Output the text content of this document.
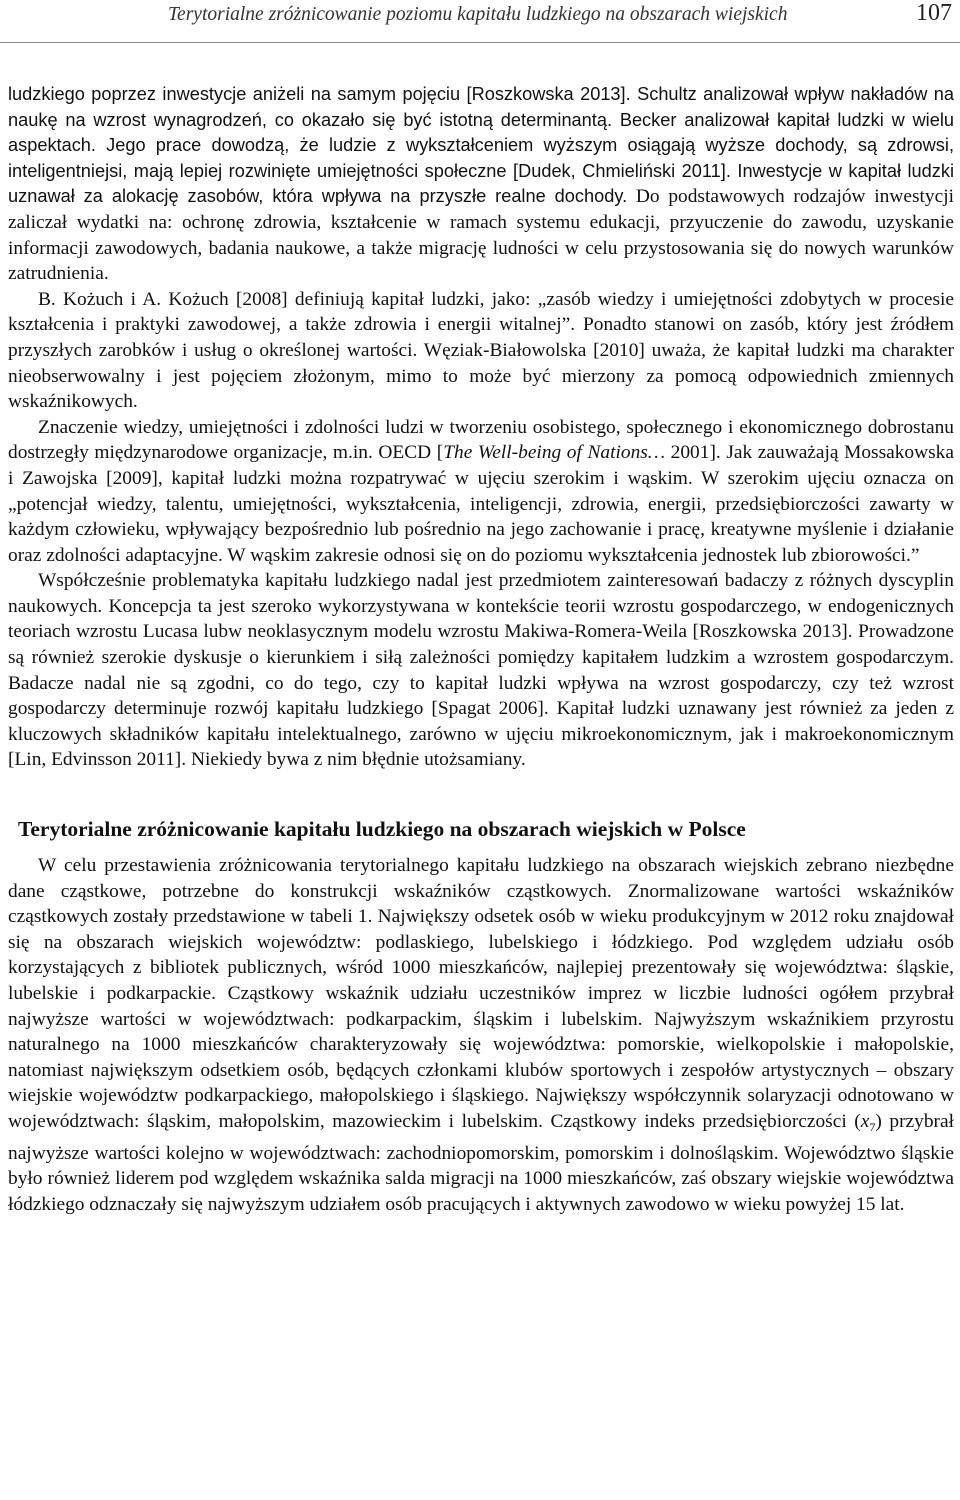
Terytorialne zróżnicowanie poziomu kapitału ludzkiego na obszarach wiejskich	107

ludzkiego poprzez inwestycje aniżeli na samym pojęciu [Roszkowska 2013]. Schultz analizował wpływ nakładów na naukę na wzrost wynagrodzeń, co okazało się być istotną determinantą. Becker analizował kapitał ludzki w wielu aspektach. Jego prace dowodzą, że ludzie z wykształceniem wyższym osiągają wyższe dochody, są zdrowsi, inteligentniejsi, mają lepiej rozwinięte umiejętności społeczne [Dudek, Chmieliński 2011]. Inwestycje w kapitał ludzki uznawał za alokację zasobów, która wpływa na przyszłe realne dochody. Do podstawowych rodzajów inwestycji zaliczał wydatki na: ochronę zdrowia, kształcenie w ramach systemu edukacji, przyuczenie do zawodu, uzyskanie informacji zawodowych, badania naukowe, a także migrację ludności w celu przystosowania się do nowych warunków zatrudnienia.

B. Kożuch i A. Kożuch [2008] definiują kapitał ludzki, jako: „zasób wiedzy i umiejętności zdobytych w procesie kształcenia i praktyki zawodowej, a także zdrowia i energii witalnej”. Ponadto stanowi on zasób, który jest źródłem przyszłych zarobków i usług o określonej wartości. Węziak-Białowolska [2010] uważa, że kapitał ludzki ma charakter nieobserwowalny i jest pojęciem złożonym, mimo to może być mierzony za pomocą odpowiednich zmiennych wskaźnikowych.

Znaczenie wiedzy, umiejętności i zdolności ludzi w tworzeniu osobistego, społecznego i ekonomicznego dobrostanu dostrzegły międzynarodowe organizacje, m.in. OECD [The Well-being of Nations… 2001]. Jak zauważają Mossakowska i Zawojska [2009], kapitał ludzki można rozpatrywać w ujęciu szerokim i wąskim. W szerokim ujęciu oznacza on „potencjał wiedzy, talentu, umiejętności, wykształcenia, inteligencji, zdrowia, energii, przedsiębiorczości zawarty w każdym człowieku, wpływający bezpośrednio lub pośrednio na jego zachowanie i pracę, kreatywne myślenie i działanie oraz zdolności adaptacyjne. W wąskim zakresie odnosi się on do poziomu wykształcenia jednostek lub zbiorowości.”

Współcześnie problematyka kapitału ludzkiego nadal jest przedmiotem zainteresowań badaczy z różnych dyscyplin naukowych. Koncepcja ta jest szeroko wykorzystywana w kontekście teorii wzrostu gospodarczego, w endogenicznych teoriach wzrostu Lucasa lubw neoklasycznym modelu wzrostu Makiwa-Romera-Weila [Roszkowska 2013]. Prowadzone są również szerokie dyskusje o kierunkiem i siłą zależności pomiędzy kapitałem ludzkim a wzrostem gospodarczym. Badacze nadal nie są zgodni, co do tego, czy to kapitał ludzki wpływa na wzrost gospodarczy, czy też wzrost gospodarczy determinuje rozwój kapitału ludzkiego [Spagat 2006]. Kapitał ludzki uznawany jest również za jeden z kluczowych składników kapitału intelektualnego, zarówno w ujęciu mikroekonomicznym, jak i makroekonomicznym [Lin, Edvinsson 2011]. Niekiedy bywa z nim błędnie utożsamiany.

Terytorialne zróżnicowanie kapitału ludzkiego na obszarach wiejskich w Polsce

W celu przestawienia zróżnicowania terytorialnego kapitału ludzkiego na obszarach wiejskich zebrano niezbędne dane cząstkowe, potrzebne do konstrukcji wskaźników cząstkowych. Znormalizowane wartości wskaźników cząstkowych zostały przedstawione w tabeli 1. Największy odsetek osób w wieku produkcyjnym w 2012 roku znajdował się na obszarach wiejskich województw: podlaskiego, lubelskiego i łódzkiego. Pod względem udziału osób korzystających z bibliotek publicznych, wśród 1000 mieszkańców, najlepiej prezentowały się województwa: śląskie, lubelskie i podkarpackie. Cząstkowy wskaźnik udziału uczestników imprez w liczbie ludności ogółem przybrał najwyższe wartości w województwach: podkarpackim, śląskim i lubelskim. Najwyższym wskaźnikiem przyrostu naturalnego na 1000 mieszkańców charakteryzowały się województwa: pomorskie, wielkopolskie i małopolskie, natomiast największym odsetkiem osób, będących członkami klubów sportowych i zespołów artystycznych – obszary wiejskie województw podkarpackiego, małopolskiego i śląskiego. Największy współczynnik solaryzacji odnotowano w województwach: śląskim, małopolskim, mazowieckim i lubelskim. Cząstkowy indeks przedsiębiorczości $(x_7)$ przybrał najwyższe wartości kolejno w województwach: zachodniopomorskim, pomorskim i dolnośląskim. Województwo śląskie było również liderem pod względem wskaźnika salda migracji na 1000 mieszkańców, zaś obszary wiejskie województwa łódzkiego odznaczały się najwyższym udziałem osób pracujących i aktywnych zawodowo w wieku powyżej 15 lat.
